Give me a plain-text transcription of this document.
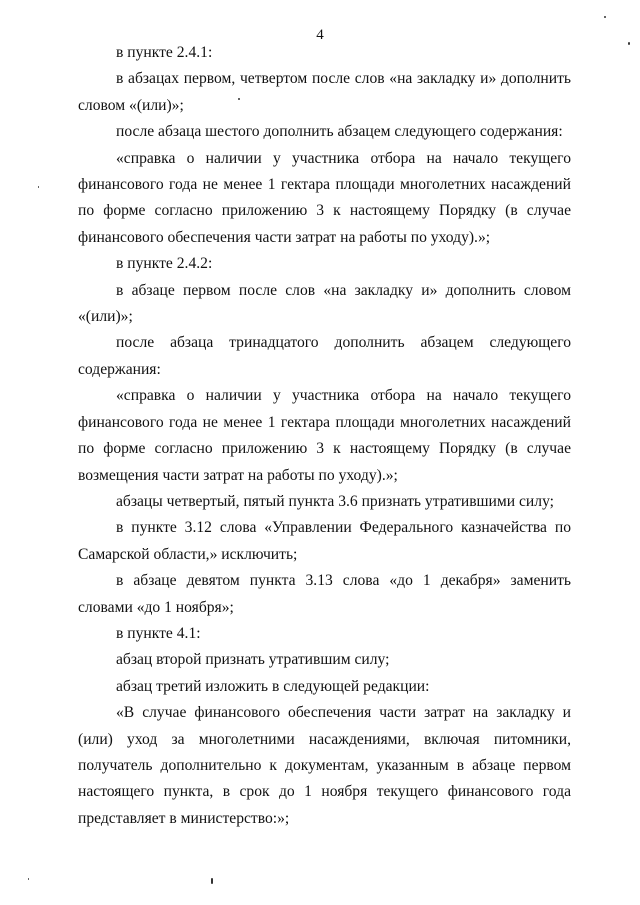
4

в пункте 2.4.1:

в абзацах первом, четвертом после слов «на закладку и» дополнить словом «(или)»;

после абзаца шестого дополнить абзацем следующего содержания:

«справка о наличии у участника отбора на начало текущего финансового года не менее 1 гектара площади многолетних насаждений по форме согласно приложению 3 к настоящему Порядку (в случае финансового обеспечения части затрат на работы по уходу).»;

в пункте 2.4.2:

в абзаце первом после слов «на закладку и» дополнить словом «(или)»;

после абзаца тринадцатого дополнить абзацем следующего содержания:

«справка о наличии у участника отбора на начало текущего финансового года не менее 1 гектара площади многолетних насаждений по форме согласно приложению 3 к настоящему Порядку (в случае возмещения части затрат на работы по уходу).»;

абзацы четвертый, пятый пункта 3.6 признать утратившими силу;

в пункте 3.12 слова «Управлении Федерального казначейства по Самарской области,» исключить;

в абзаце девятом пункта 3.13 слова «до 1 декабря» заменить словами «до 1 ноября»;

в пункте 4.1:

абзац второй признать утратившим силу;

абзац третий изложить в следующей редакции:

«В случае финансового обеспечения части затрат на закладку и (или) уход за многолетними насаждениями, включая питомники, получатель дополнительно к документам, указанным в абзаце первом настоящего пункта, в срок до 1 ноября текущего финансового года представляет в министерство:»;
